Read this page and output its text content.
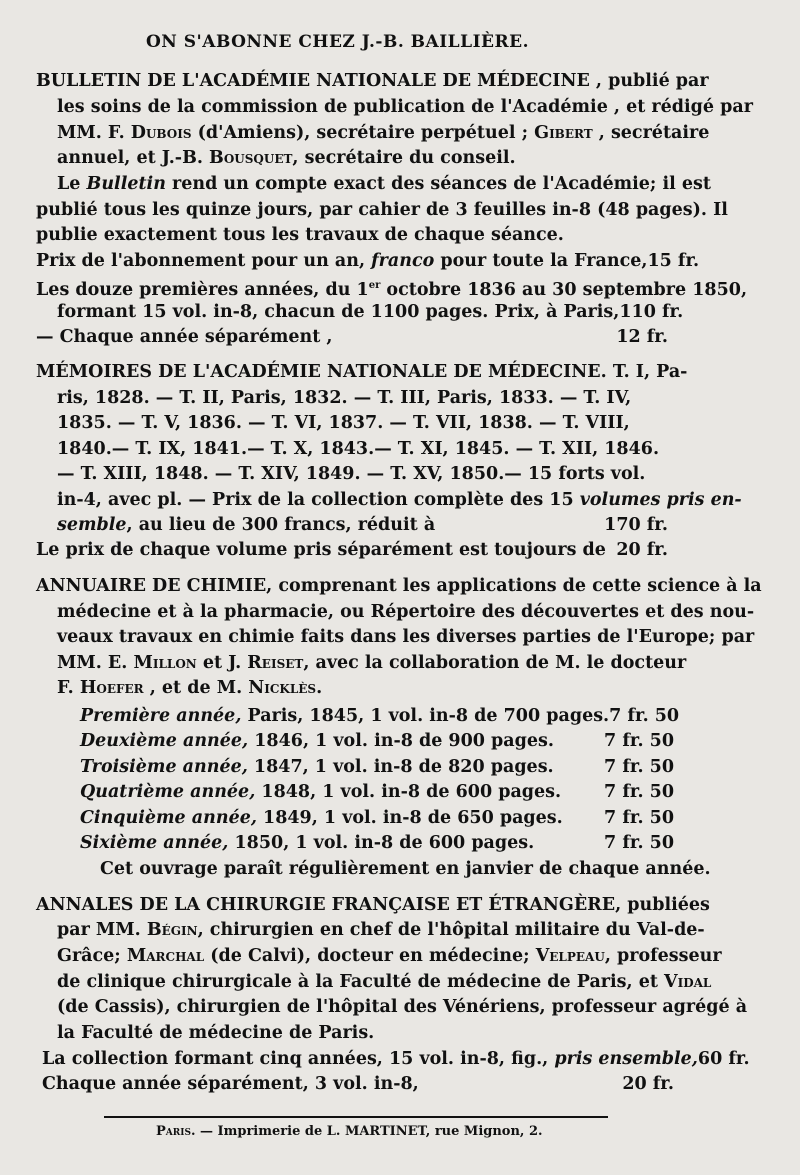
ON S'ABONNE CHEZ J.-B. BAILLIÈRE.
BULLETIN DE L'ACADÉMIE NATIONALE DE MÉDECINE , publié par
les soins de la commission de publication de l'Académie , et rédigé par
MM. F. Dubois (d'Amiens), secrétaire perpétuel ; Gibert , secrétaire
annuel, et J.-B. Bousquet, secrétaire du conseil.
Le Bulletin rend un compte exact des séances de l'Académie; il est
publié tous les quinze jours, par cahier de 3 feuilles in-8 (48 pages). Il
publie exactement tous les travaux de chaque séance.
Prix de l'abonnement pour un an, franco pour toute la France, 15 fr.
Les douze premières années, du 1er octobre 1836 au 30 septembre 1850,
formant 15 vol. in-8, chacun de 1100 pages. Prix, à Paris, 110 fr.
— Chaque année séparément ,	12 fr.
MÉMOIRES DE L'ACADÉMIE NATIONALE DE MÉDECINE. T. I, Pa-
ris, 1828. — T. II, Paris, 1832. — T. III, Paris, 1833. — T. IV,
1835. — T. V, 1836. — T. VI, 1837. — T. VII, 1838. — T. VIII,
1840.— T. IX, 1841.— T. X, 1843.— T. XI, 1845. — T. XII, 1846.
— T. XIII, 1848. — T. XIV, 1849. — T. XV, 1850.— 15 forts vol.
in-4, avec pl. — Prix de la collection complète des 15 volumes pris en-
semble, au lieu de 300 francs, réduit à	170 fr.
Le prix de chaque volume pris séparément est toujours de 20 fr.
ANNUAIRE DE CHIMIE, comprenant les applications de cette science à la
médecine et à la pharmacie, ou Répertoire des découvertes et des nou-
veaux travaux en chimie faits dans les diverses parties de l'Europe; par
MM. E. Millon et J. Reiset, avec la collaboration de M. le docteur
F. Hoefer , et de M. Nicklès.
Première année, Paris, 1845, 1 vol. in-8 de 700 pages. 7 fr. 50
Deuxième année, 1846, 1 vol. in-8 de 900 pages.	7 fr. 50
Troisième année, 1847, 1 vol. in-8 de 820 pages.	7 fr. 50
Quatrième année, 1848, 1 vol. in-8 de 600 pages. 7 fr. 50
Cinquième année, 1849, 1 vol. in-8 de 650 pages. 7 fr. 50
Sixième année, 1850, 1 vol. in-8 de 600 pages.	7 fr. 50
Cet ouvrage paraît régulièrement en janvier de chaque année.
ANNALES DE LA CHIRURGIE FRANÇAISE ET ÉTRANGÈRE, publiées
par MM. Bégin, chirurgien en chef de l'hôpital militaire du Val-de-
Grâce; Marchal (de Calvi), docteur en médecine; Velpeau, professeur
de clinique chirurgicale à la Faculté de médecine de Paris, et Vidal
(de Cassis), chirurgien de l'hôpital des Vénériens, professeur agrégé à
la Faculté de médecine de Paris.
La collection formant cinq années, 15 vol. in-8, fig., pris ensemble, 60 fr.
Chaque année séparément, 3 vol. in-8,	20 fr.
Paris. — Imprimerie de L. MARTINET, rue Mignon, 2.
